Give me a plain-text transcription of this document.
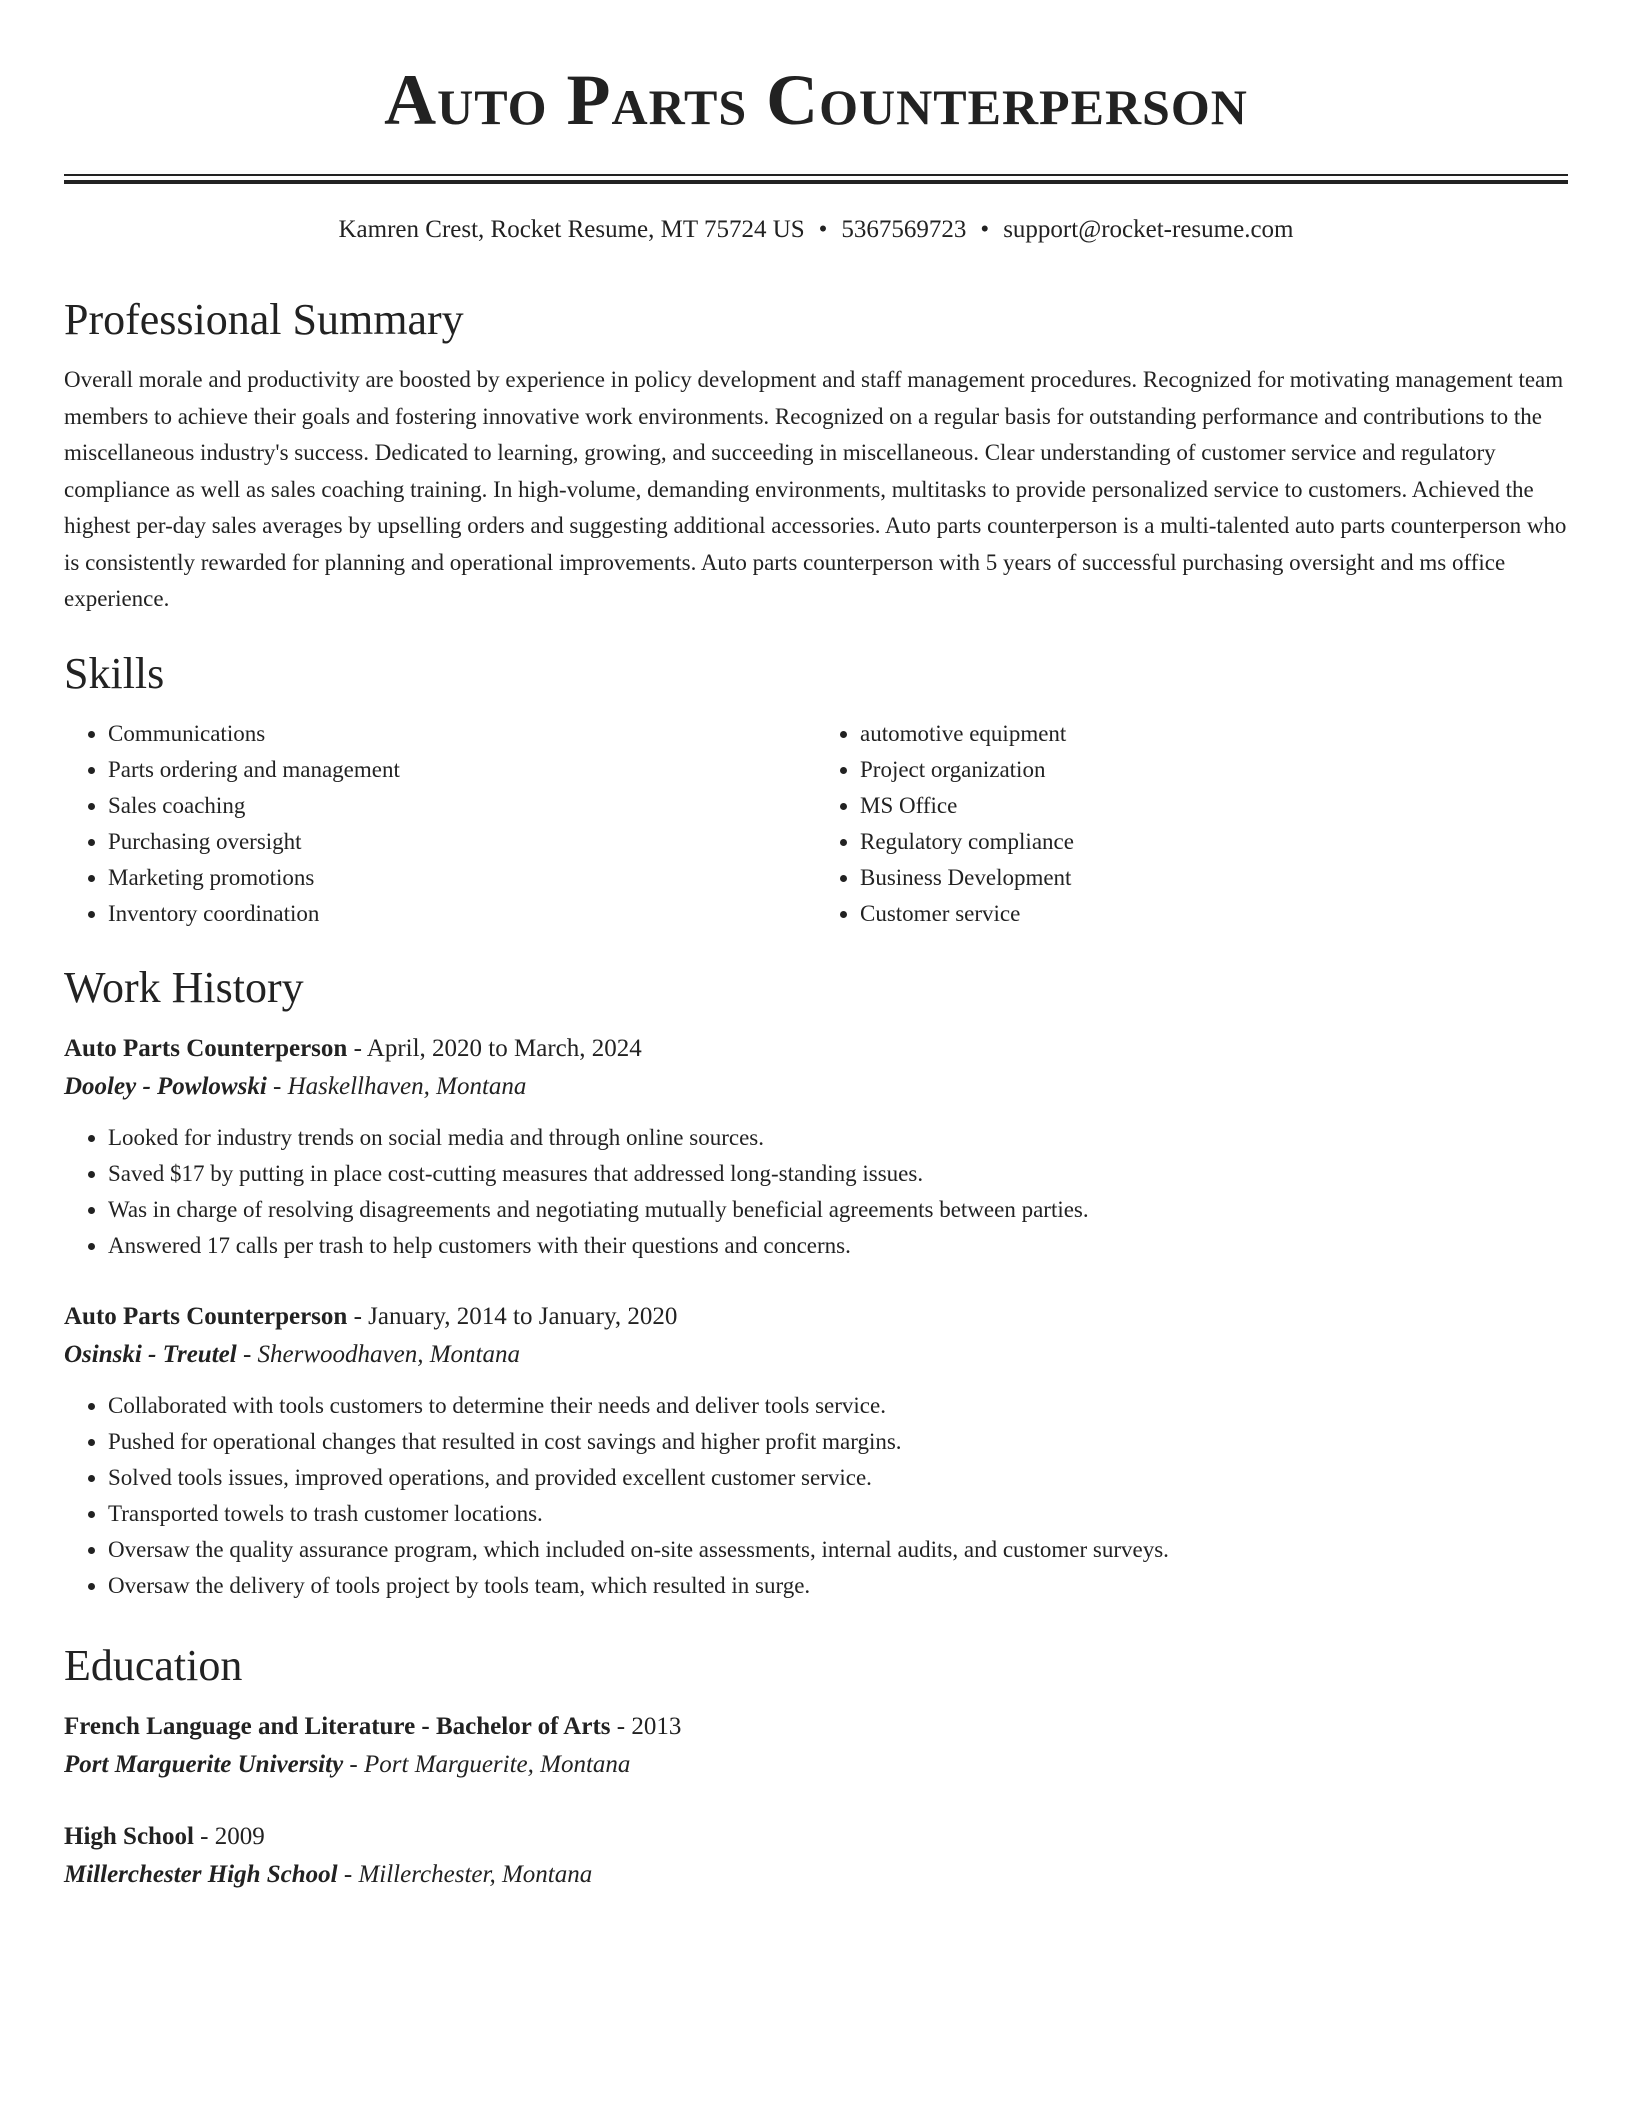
Auto Parts Counterperson
Kamren Crest, Rocket Resume, MT 75724 US • 5367569723 • support@rocket-resume.com
Professional Summary

Overall morale and productivity are boosted by experience in policy development and staff management procedures. Recognized for motivating management team members to achieve their goals and fostering innovative work environments. Recognized on a regular basis for outstanding performance and contributions to the miscellaneous industry's success. Dedicated to learning, growing, and succeeding in miscellaneous. Clear understanding of customer service and regulatory compliance as well as sales coaching training. In high-volume, demanding environments, multitasks to provide personalized service to customers. Achieved the highest per-day sales averages by upselling orders and suggesting additional accessories. Auto parts counterperson is a multi-talented auto parts counterperson who is consistently rewarded for planning and operational improvements. Auto parts counterperson with 5 years of successful purchasing oversight and ms office experience.

Skills
• Communications
• Parts ordering and management
• Sales coaching
• Purchasing oversight
• Marketing promotions
• Inventory coordination
• automotive equipment
• Project organization
• MS Office
• Regulatory compliance
• Business Development
• Customer service
Work History

Auto Parts Counterperson - April, 2020 to March, 2024

Dooley - Powlowski - Haskellhaven, Montana

• Looked for industry trends on social media and through online sources.
• Saved $17 by putting in place cost-cutting measures that addressed long-standing issues.
• Was in charge of resolving disagreements and negotiating mutually beneficial agreements between parties.
• Answered 17 calls per trash to help customers with their questions and concerns.

Auto Parts Counterperson - January, 2014 to January, 2020

Osinski - Treutel - Sherwoodhaven, Montana

• Collaborated with tools customers to determine their needs and deliver tools service.
• Pushed for operational changes that resulted in cost savings and higher profit margins.
• Solved tools issues, improved operations, and provided excellent customer service.
• Transported towels to trash customer locations.
• Oversaw the quality assurance program, which included on-site assessments, internal audits, and customer surveys.
• Oversaw the delivery of tools project by tools team, which resulted in surge.
Education

French Language and Literature - Bachelor of Arts - 2013

Port Marguerite University - Port Marguerite, Montana

High School - 2009

Millerchester High School - Millerchester, Montana
